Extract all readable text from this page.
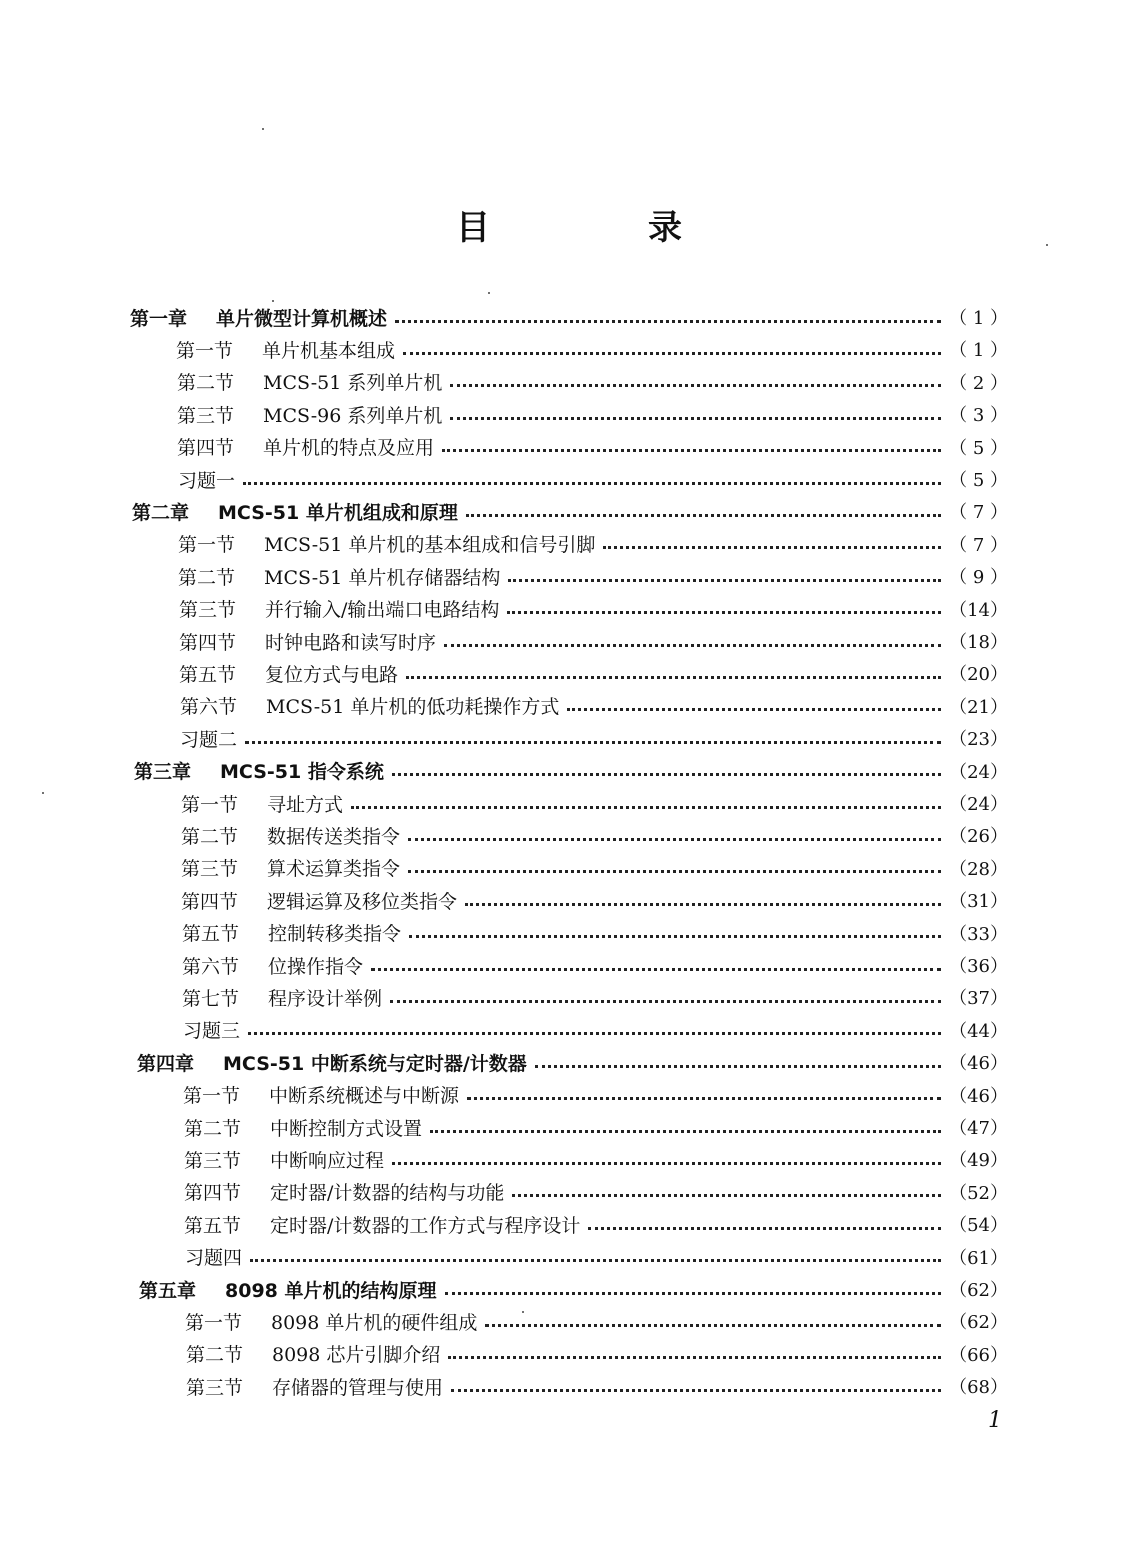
目　录
第一章	单片微型计算机概述	（ 1 ）
第一节	单片机基本组成	（ 1 ）
第二节	MCS-51 系列单片机	（ 2 ）
第三节	MCS-96 系列单片机	（ 3 ）
第四节	单片机的特点及应用	（ 5 ）
习题一	（ 5 ）
第二章	MCS-51 单片机组成和原理	（ 7 ）
第一节	MCS-51 单片机的基本组成和信号引脚	（ 7 ）
第二节	MCS-51 单片机存储器结构	（ 9 ）
第三节	并行输入/输出端口电路结构	（14）
第四节	时钟电路和读写时序	（18）
第五节	复位方式与电路	（20）
第六节	MCS-51 单片机的低功耗操作方式	（21）
习题二	（23）
第三章	MCS-51 指令系统	（24）
第一节	寻址方式	（24）
第二节	数据传送类指令	（26）
第三节	算术运算类指令	（28）
第四节	逻辑运算及移位类指令	（31）
第五节	控制转移类指令	（33）
第六节	位操作指令	（36）
第七节	程序设计举例	（37）
习题三	（44）
第四章	MCS-51 中断系统与定时器/计数器	（46）
第一节	中断系统概述与中断源	（46）
第二节	中断控制方式设置	（47）
第三节	中断响应过程	（49）
第四节	定时器/计数器的结构与功能	（52）
第五节	定时器/计数器的工作方式与程序设计	（54）
习题四	（61）
第五章	8098 单片机的结构原理	（62）
第一节	8098 单片机的硬件组成	（62）
第二节	8098 芯片引脚介绍	（66）
第三节	存储器的管理与使用	（68）
1
